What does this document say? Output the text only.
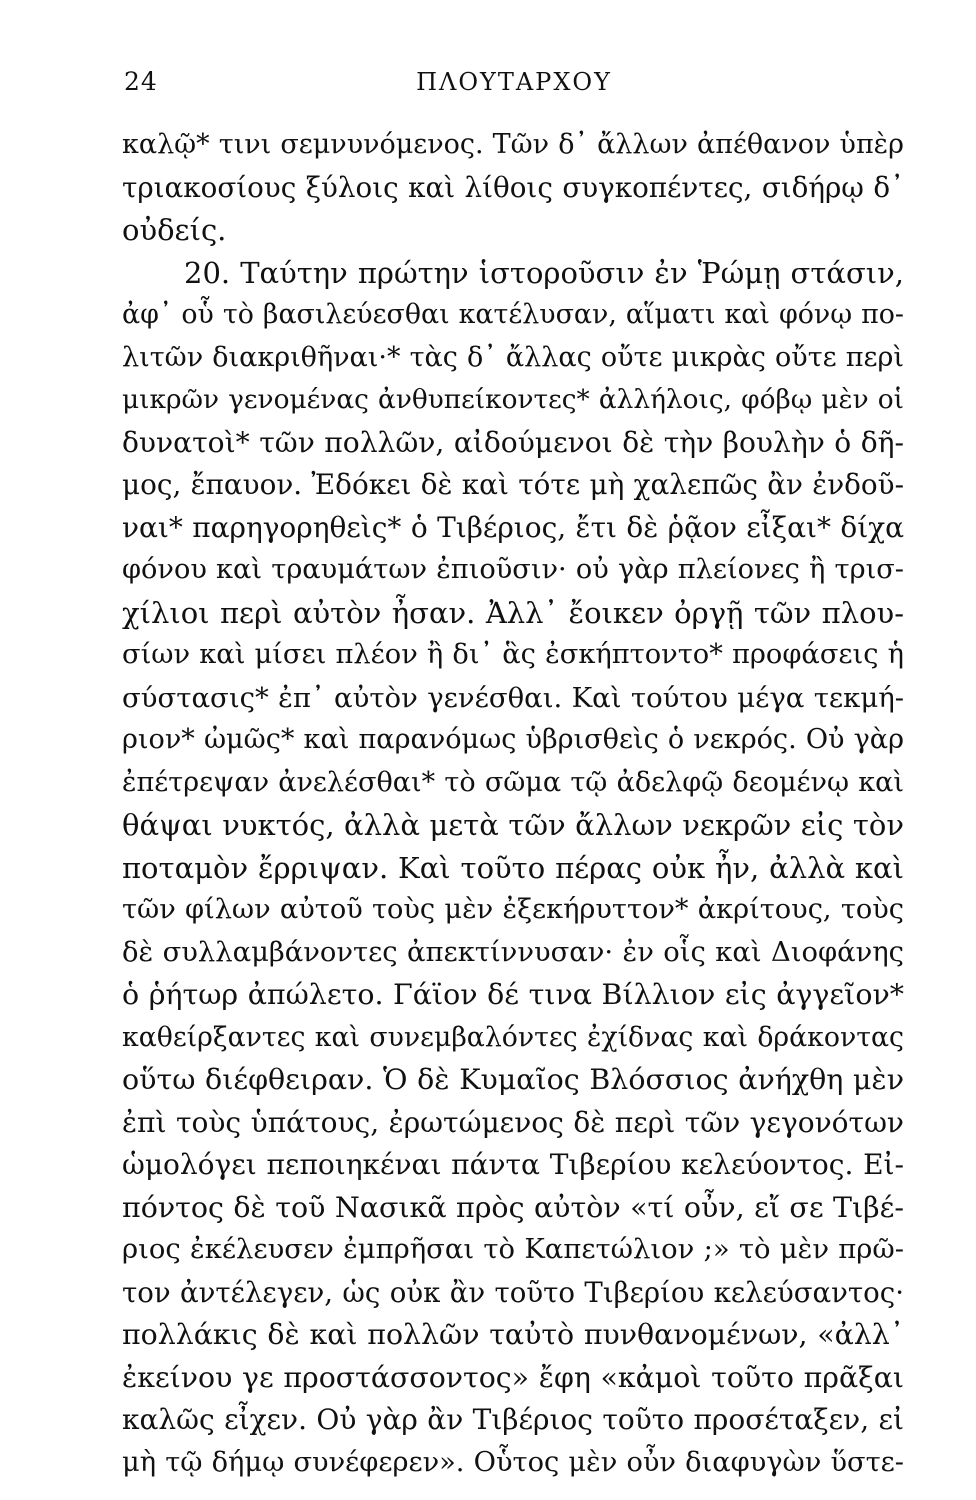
24	ΠΛΟΥΤΑΡΧΟΥ
καλῷ* τινι σεμνυνόμενος. Τῶν δ᾿ ἄλλων ἀπέθανον ὑπὲρ
τριακοσίους ξύλοις καὶ λίθοις συγκοπέντες, σιδήρῳ δ᾿
οὐδείς.
20. Ταύτην πρώτην ἱστοροῦσιν ἐν Ῥώμῃ στάσιν,
ἀφ᾿ οὗ τὸ βασιλεύεσθαι κατέλυσαν, αἵματι καὶ φόνῳ πο-
λιτῶν διακριθῆναι·* τὰς δ᾿ ἄλλας οὔτε μικρὰς οὔτε περὶ
μικρῶν γενομένας ἀνθυπείκοντες* ἀλλήλοις, φόβῳ μὲν οἱ
δυνατοὶ* τῶν πολλῶν, αἰδούμενοι δὲ τὴν βουλὴν ὁ δῆ-
μος, ἔπαυον. Ἐδόκει δὲ καὶ τότε μὴ χαλεπῶς ἂν ἐνδοῦ-
ναι* παρηγορηθεὶς* ὁ Τιβέριος, ἔτι δὲ ῥᾷον εἶξαι* δίχα
φόνου καὶ τραυμάτων ἐπιοῦσιν· οὐ γὰρ πλείονες ἢ τρισ-
χίλιοι περὶ αὐτὸν ἦσαν. Ἀλλ᾿ ἔοικεν ὀργῇ τῶν πλου-
σίων καὶ μίσει πλέον ἢ δι᾿ ἃς ἐσκήπτοντο* προφάσεις ἡ
σύστασις* ἐπ᾿ αὐτὸν γενέσθαι. Καὶ τούτου μέγα τεκμή-
ριον* ὠμῶς* καὶ παρανόμως ὑβρισθεὶς ὁ νεκρός. Οὐ γὰρ
ἐπέτρεψαν ἀνελέσθαι* τὸ σῶμα τῷ ἀδελφῷ δεομένῳ καὶ
θάψαι νυκτός, ἀλλὰ μετὰ τῶν ἄλλων νεκρῶν εἰς τὸν
ποταμὸν ἔρριψαν. Καὶ τοῦτο πέρας οὐκ ἦν, ἀλλὰ καὶ
τῶν φίλων αὐτοῦ τοὺς μὲν ἐξεκήρυττον* ἀκρίτους, τοὺς
δὲ συλλαμβάνοντες ἀπεκτίννυσαν· ἐν οἷς καὶ Διοφάνης
ὁ ῥήτωρ ἀπώλετο. Γάϊον δέ τινα Βίλλιον εἰς ἀγγεῖον*
καθείρξαντες καὶ συνεμβαλόντες ἐχίδνας καὶ δράκοντας
οὕτω διέφθειραν. Ὁ δὲ Κυμαῖος Βλόσσιος ἀνήχθη μὲν
ἐπὶ τοὺς ὑπάτους, ἐρωτώμενος δὲ περὶ τῶν γεγονότων
ὡμολόγει πεποιηκέναι πάντα Τιβερίου κελεύοντος. Εἰ-
πόντος δὲ τοῦ Νασικᾶ πρὸς αὐτὸν «τί οὖν, εἴ σε Τιβέ-
ριος ἐκέλευσεν ἐμπρῆσαι τὸ Καπετώλιον ;» τὸ μὲν πρῶ-
τον ἀντέλεγεν, ὡς οὐκ ἂν τοῦτο Τιβερίου κελεύσαντος·
πολλάκις δὲ καὶ πολλῶν ταὐτὸ πυνθανομένων, «ἀλλ᾿
ἐκείνου γε προστάσσοντος» ἔφη «κἀμοὶ τοῦτο πρᾶξαι
καλῶς εἶχεν. Οὐ γὰρ ἂν Τιβέριος τοῦτο προσέταξεν, εἰ
μὴ τῷ δήμῳ συνέφερεν». Οὗτος μὲν οὖν διαφυγὼν ὕστε-
